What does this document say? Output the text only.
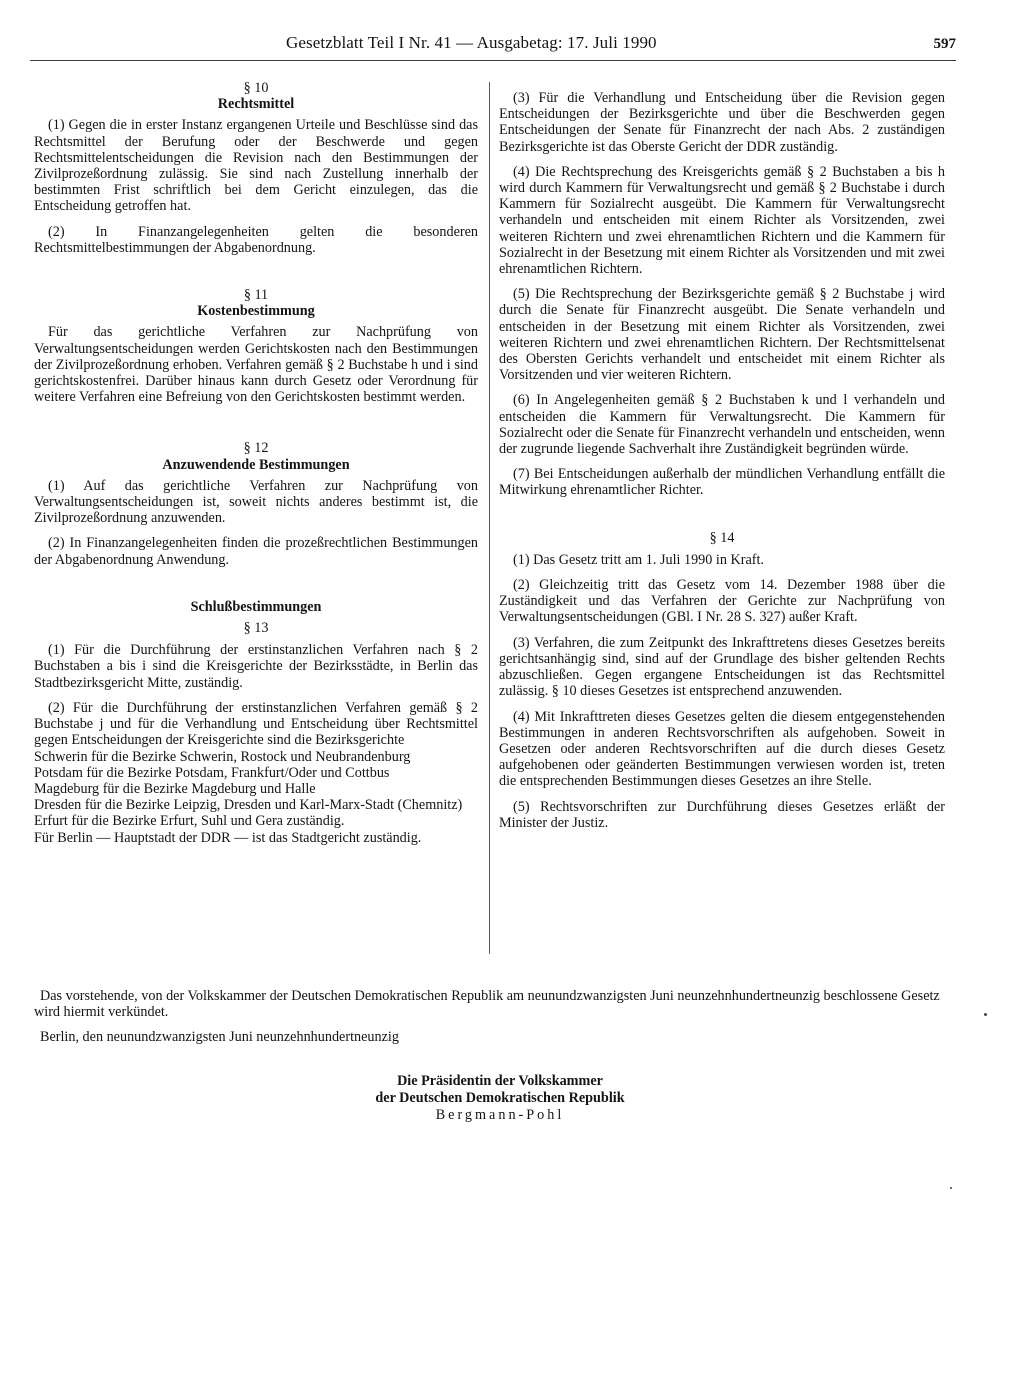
Gesetzblatt Teil I Nr. 41 — Ausgabetag: 17. Juli 1990	597
§ 10
Rechtsmittel

(1) Gegen die in erster Instanz ergangenen Urteile und Beschlüsse sind das Rechtsmittel der Berufung oder der Beschwerde und gegen Rechtsmittelentscheidungen die Revision nach den Bestimmungen der Zivilprozeßordnung zulässig. Sie sind nach Zustellung innerhalb der bestimmten Frist schriftlich bei dem Gericht einzulegen, das die Entscheidung getroffen hat.

(2) In Finanzangelegenheiten gelten die besonderen Rechtsmittelbestimmungen der Abgabenordnung.

§ 11
Kostenbestimmung

Für das gerichtliche Verfahren zur Nachprüfung von Verwaltungsentscheidungen werden Gerichtskosten nach den Bestimmungen der Zivilprozeßordnung erhoben. Verfahren gemäß § 2 Buchstabe h und i sind gerichtskostenfrei. Darüber hinaus kann durch Gesetz oder Verordnung für weitere Verfahren eine Befreiung von den Gerichtskosten bestimmt werden.

§ 12
Anzuwendende Bestimmungen

(1) Auf das gerichtliche Verfahren zur Nachprüfung von Verwaltungsentscheidungen ist, soweit nichts anderes bestimmt ist, die Zivilprozeßordnung anzuwenden.

(2) In Finanzangelegenheiten finden die prozeßrechtlichen Bestimmungen der Abgabenordnung Anwendung.

Schlußbestimmungen
§ 13

(1) Für die Durchführung der erstinstanzlichen Verfahren nach § 2 Buchstaben a bis i sind die Kreisgerichte der Bezirksstädte, in Berlin das Stadtbezirksgericht Mitte, zuständig.

(2) Für die Durchführung der erstinstanzlichen Verfahren gemäß § 2 Buchstabe j und für die Verhandlung und Entscheidung über Rechtsmittel gegen Entscheidungen der Kreisgerichte sind die Bezirksgerichte

Schwerin für die Bezirke Schwerin, Rostock und Neubrandenburg

Potsdam für die Bezirke Potsdam, Frankfurt/Oder und Cottbus

Magdeburg für die Bezirke Magdeburg und Halle

Dresden für die Bezirke Leipzig, Dresden und Karl-Marx-Stadt (Chemnitz)

Erfurt für die Bezirke Erfurt, Suhl und Gera zuständig.

Für Berlin — Hauptstadt der DDR — ist das Stadtgericht zuständig.

(3) Für die Verhandlung und Entscheidung über die Revision gegen Entscheidungen der Bezirksgerichte und über die Beschwerden gegen Entscheidungen der Senate für Finanzrecht der nach Abs. 2 zuständigen Bezirksgerichte ist das Oberste Gericht der DDR zuständig.

(4) Die Rechtsprechung des Kreisgerichts gemäß § 2 Buchstaben a bis h wird durch Kammern für Verwaltungsrecht und gemäß § 2 Buchstabe i durch Kammern für Sozialrecht ausgeübt. Die Kammern für Verwaltungsrecht verhandeln und entscheiden mit einem Richter als Vorsitzenden, zwei weiteren Richtern und zwei ehrenamtlichen Richtern und die Kammern für Sozialrecht in der Besetzung mit einem Richter als Vorsitzenden und mit zwei ehrenamtlichen Richtern.

(5) Die Rechtsprechung der Bezirksgerichte gemäß § 2 Buchstabe j wird durch die Senate für Finanzrecht ausgeübt. Die Senate verhandeln und entscheiden in der Besetzung mit einem Richter als Vorsitzenden, zwei weiteren Richtern und zwei ehrenamtlichen Richtern. Der Rechtsmittelsenat des Obersten Gerichts verhandelt und entscheidet mit einem Richter als Vorsitzenden und vier weiteren Richtern.

(6) In Angelegenheiten gemäß § 2 Buchstaben k und l verhandeln und entscheiden die Kammern für Verwaltungsrecht. Die Kammern für Sozialrecht oder die Senate für Finanzrecht verhandeln und entscheiden, wenn der zugrunde liegende Sachverhalt ihre Zuständigkeit begründen würde.

(7) Bei Entscheidungen außerhalb der mündlichen Verhandlung entfällt die Mitwirkung ehrenamtlicher Richter.

§ 14

(1) Das Gesetz tritt am 1. Juli 1990 in Kraft.

(2) Gleichzeitig tritt das Gesetz vom 14. Dezember 1988 über die Zuständigkeit und das Verfahren der Gerichte zur Nachprüfung von Verwaltungsentscheidungen (GBl. I Nr. 28 S. 327) außer Kraft.

(3) Verfahren, die zum Zeitpunkt des Inkrafttretens dieses Gesetzes bereits gerichtsanhängig sind, sind auf der Grundlage des bisher geltenden Rechts abzuschließen. Gegen ergangene Entscheidungen ist das Rechtsmittel zulässig. § 10 dieses Gesetzes ist entsprechend anzuwenden.

(4) Mit Inkrafttreten dieses Gesetzes gelten die diesem entgegenstehenden Bestimmungen in anderen Rechtsvorschriften als aufgehoben. Soweit in Gesetzen oder anderen Rechtsvorschriften auf die durch dieses Gesetz aufgehobenen oder geänderten Bestimmungen verwiesen worden ist, treten die entsprechenden Bestimmungen dieses Gesetzes an ihre Stelle.

(5) Rechtsvorschriften zur Durchführung dieses Gesetzes erläßt der Minister der Justiz.

Das vorstehende, von der Volkskammer der Deutschen Demokratischen Republik am neunundzwanzigsten Juni neunzehnhundertneunzig beschlossene Gesetz wird hiermit verkündet.

Berlin, den neunundzwanzigsten Juni neunzehnhundertneunzig

Die Präsidentin der Volkskammer

der Deutschen Demokratischen Republik

Bergmann-Pohl
